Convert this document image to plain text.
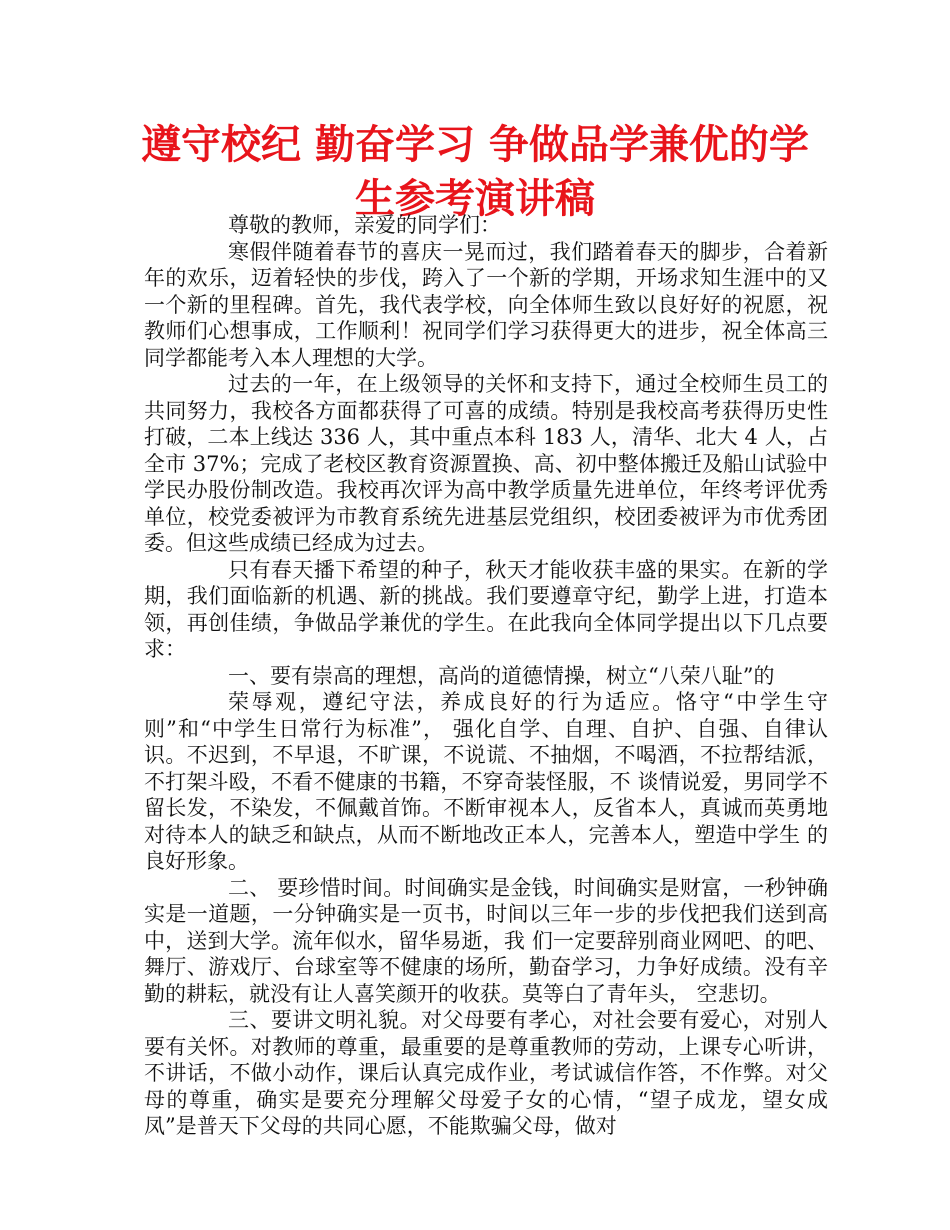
遵守校纪 勤奋学习 争做品学兼优的学生参考演讲稿

尊敬的教师，亲爱的同学们：

寒假伴随着春节的喜庆一晃而过，我们踏着春天的脚步，合着新年的欢乐，迈着轻快的步伐，跨入了一个新的学期，开场求知生涯中的又一个新的里程碑。首先，我代表学校，向全体师生致以良好好的祝愿，祝教师们心想事成，工作顺利！祝同学们学习获得更大的进步，祝全体高三同学都能考入本人理想的大学。

过去的一年，在上级领导的关怀和支持下，通过全校师生员工的共同努力，我校各方面都获得了可喜的成绩。特别是我校高考获得历史性打破，二本上线达 336 人，其中重点本科 183 人，清华、北大 4 人，占全市 37%；完成了老校区教育资源置换、高、初中整体搬迁及船山试验中学民办股份制改造。我校再次评为高中教学质量先进单位，年终考评优秀单位，校党委被评为市教育系统先进基层党组织，校团委被评为市优秀团委。但这些成绩已经成为过去。

只有春天播下希望的种子，秋天才能收获丰盛的果实。在新的学期，我们面临新的机遇、新的挑战。我们要遵章守纪，勤学上进，打造本领，再创佳绩，争做品学兼优的学生。在此我向全体同学提出以下几点要求：

一、要有崇高的理想，高尚的道德情操，树立“八荣八耻”的

荣辱观，遵纪守法，养成良好的行为适应。恪守“中学生守则”和“中学生日常行为标准”， 强化自学、自理、自护、自强、自律认识。不迟到，不早退，不旷课，不说谎、不抽烟，不喝酒，不拉帮结派，不打架斗殴，不看不健康的书籍，不穿奇装怪服，不 谈情说爱，男同学不留长发，不染发，不佩戴首饰。不断审视本人，反省本人，真诚而英勇地对待本人的缺乏和缺点，从而不断地改正本人，完善本人，塑造中学生 的良好形象。

二、 要珍惜时间。时间确实是金钱，时间确实是财富，一秒钟确实是一道题，一分钟确实是一页书，时间以三年一步的步伐把我们送到高中，送到大学。流年似水，留华易逝，我 们一定要辞别商业网吧、的吧、舞厅、游戏厅、台球室等不健康的场所，勤奋学习，力争好成绩。没有辛勤的耕耘，就没有让人喜笑颜开的收获。莫等白了青年头， 空悲切。

三、要讲文明礼貌。对父母要有孝心，对社会要有爱心，对别人要有关怀。对教师的尊重，最重要的是尊重教师的劳动，上课专心听讲，不讲话，不做小动作，课后认真完成作业，考试诚信作答，不作弊。对父母的尊重，确实是要充分理解父母爱子女的心情，“望子成龙，望女成凤”是普天下父母的共同心愿，不能欺骗父母，做对
